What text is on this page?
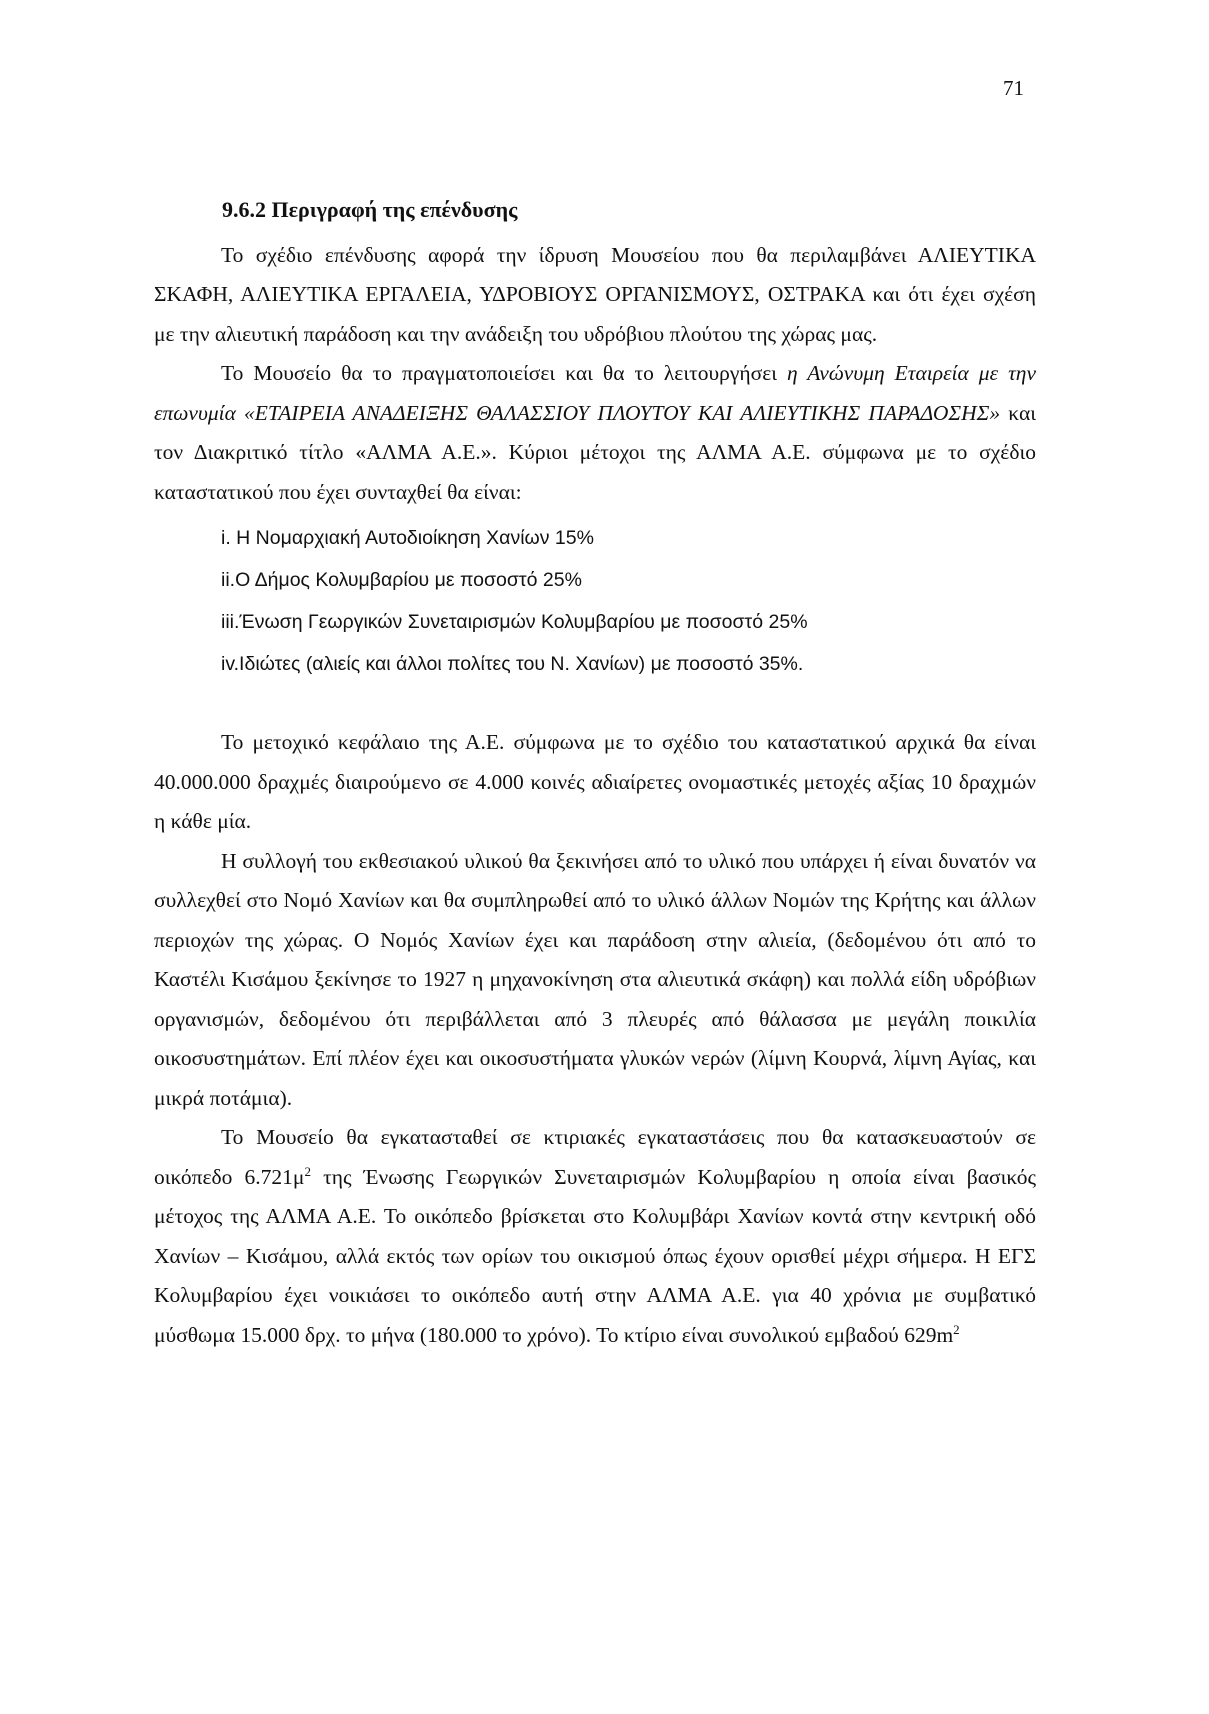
71
9.6.2 Περιγραφή της επένδυσης

Το σχέδιο επένδυσης αφορά την ίδρυση Μουσείου που θα περιλαμβάνει ΑΛΙΕΥΤΙΚΑ ΣΚΑΦΗ, ΑΛΙΕΥΤΙΚΑ ΕΡΓΑΛΕΙΑ, ΥΔΡΟΒΙΟΥΣ ΟΡΓΑΝΙΣΜΟΥΣ, ΟΣΤΡΑΚΑ και ότι έχει σχέση με την αλιευτική παράδοση και την ανάδειξη του υδρόβιου πλούτου της χώρας μας.

Το Μουσείο θα το πραγματοποιείσει και θα το λειτουργήσει η Ανώνυμη Εταιρεία με την επωνυμία «ΕΤΑΙΡΕΙΑ ΑΝΑΔΕΙΞΗΣ ΘΑΛΑΣΣΙΟΥ ΠΛΟΥΤΟΥ ΚΑΙ ΑΛΙΕΥΤΙΚΗΣ ΠΑΡΑΔΟΣΗΣ» και τον Διακριτικό τίτλο «ΑΛΜΑ Α.Ε.». Κύριοι μέτοχοι της ΑΛΜΑ Α.Ε. σύμφωνα με το σχέδιο καταστατικού που έχει συνταχθεί θα είναι:

i. Η Νομαρχιακή Αυτοδιοίκηση Χανίων 15%
ii.Ο Δήμος Κολυμβαρίου με ποσοστό 25%
iii.Ένωση Γεωργικών Συνεταιρισμών Κολυμβαρίου με ποσοστό 25%
iv.Ιδιώτες (αλιείς και άλλοι πολίτες του Ν. Χανίων) με ποσοστό 35%.

Το μετοχικό κεφάλαιο της Α.Ε. σύμφωνα με το σχέδιο του καταστατικού αρχικά θα είναι 40.000.000 δραχμές διαιρούμενο σε 4.000 κοινές αδιαίρετες ονομαστικές μετοχές αξίας 10 δραχμών η κάθε μία.

Η συλλογή του εκθεσιακού υλικού θα ξεκινήσει από το υλικό που υπάρχει ή είναι δυνατόν να συλλεχθεί στο Νομό Χανίων και θα συμπληρωθεί από το υλικό άλλων Νομών της Κρήτης και άλλων περιοχών της χώρας. Ο Νομός Χανίων έχει και παράδοση στην αλιεία, (δεδομένου ότι από το Καστέλι Κισάμου ξεκίνησε το 1927 η μηχανοκίνηση στα αλιευτικά σκάφη) και πολλά είδη υδρόβιων οργανισμών, δεδομένου ότι περιβάλλεται από 3 πλευρές από θάλασσα με μεγάλη ποικιλία οικοσυστημάτων. Επί πλέον έχει και οικοσυστήματα γλυκών νερών (λίμνη Κουρνά, λίμνη Αγίας, και μικρά ποτάμια).

Το Μουσείο θα εγκατασταθεί σε κτιριακές εγκαταστάσεις που θα κατασκευαστούν σε οικόπεδο $6.721\mu^2$ της Ένωσης Γεωργικών Συνεταιρισμών Κολυμβαρίου η οποία είναι βασικός μέτοχος της ΑΛΜΑ Α.Ε. Το οικόπεδο βρίσκεται στο Κολυμβάρι Χανίων κοντά στην κεντρική οδό Χανίων – Κισάμου, αλλά εκτός των ορίων του οικισμού όπως έχουν ορισθεί μέχρι σήμερα. Η ΕΓΣ Κολυμβαρίου έχει νοικιάσει το οικόπεδο αυτή στην ΑΛΜΑ Α.Ε. για 40 χρόνια με συμβατικό μύσθωμα 15.000 δρχ. το μήνα (180.000 το χρόνο). Το κτίριο είναι συνολικού εμβαδού $629m^2$
